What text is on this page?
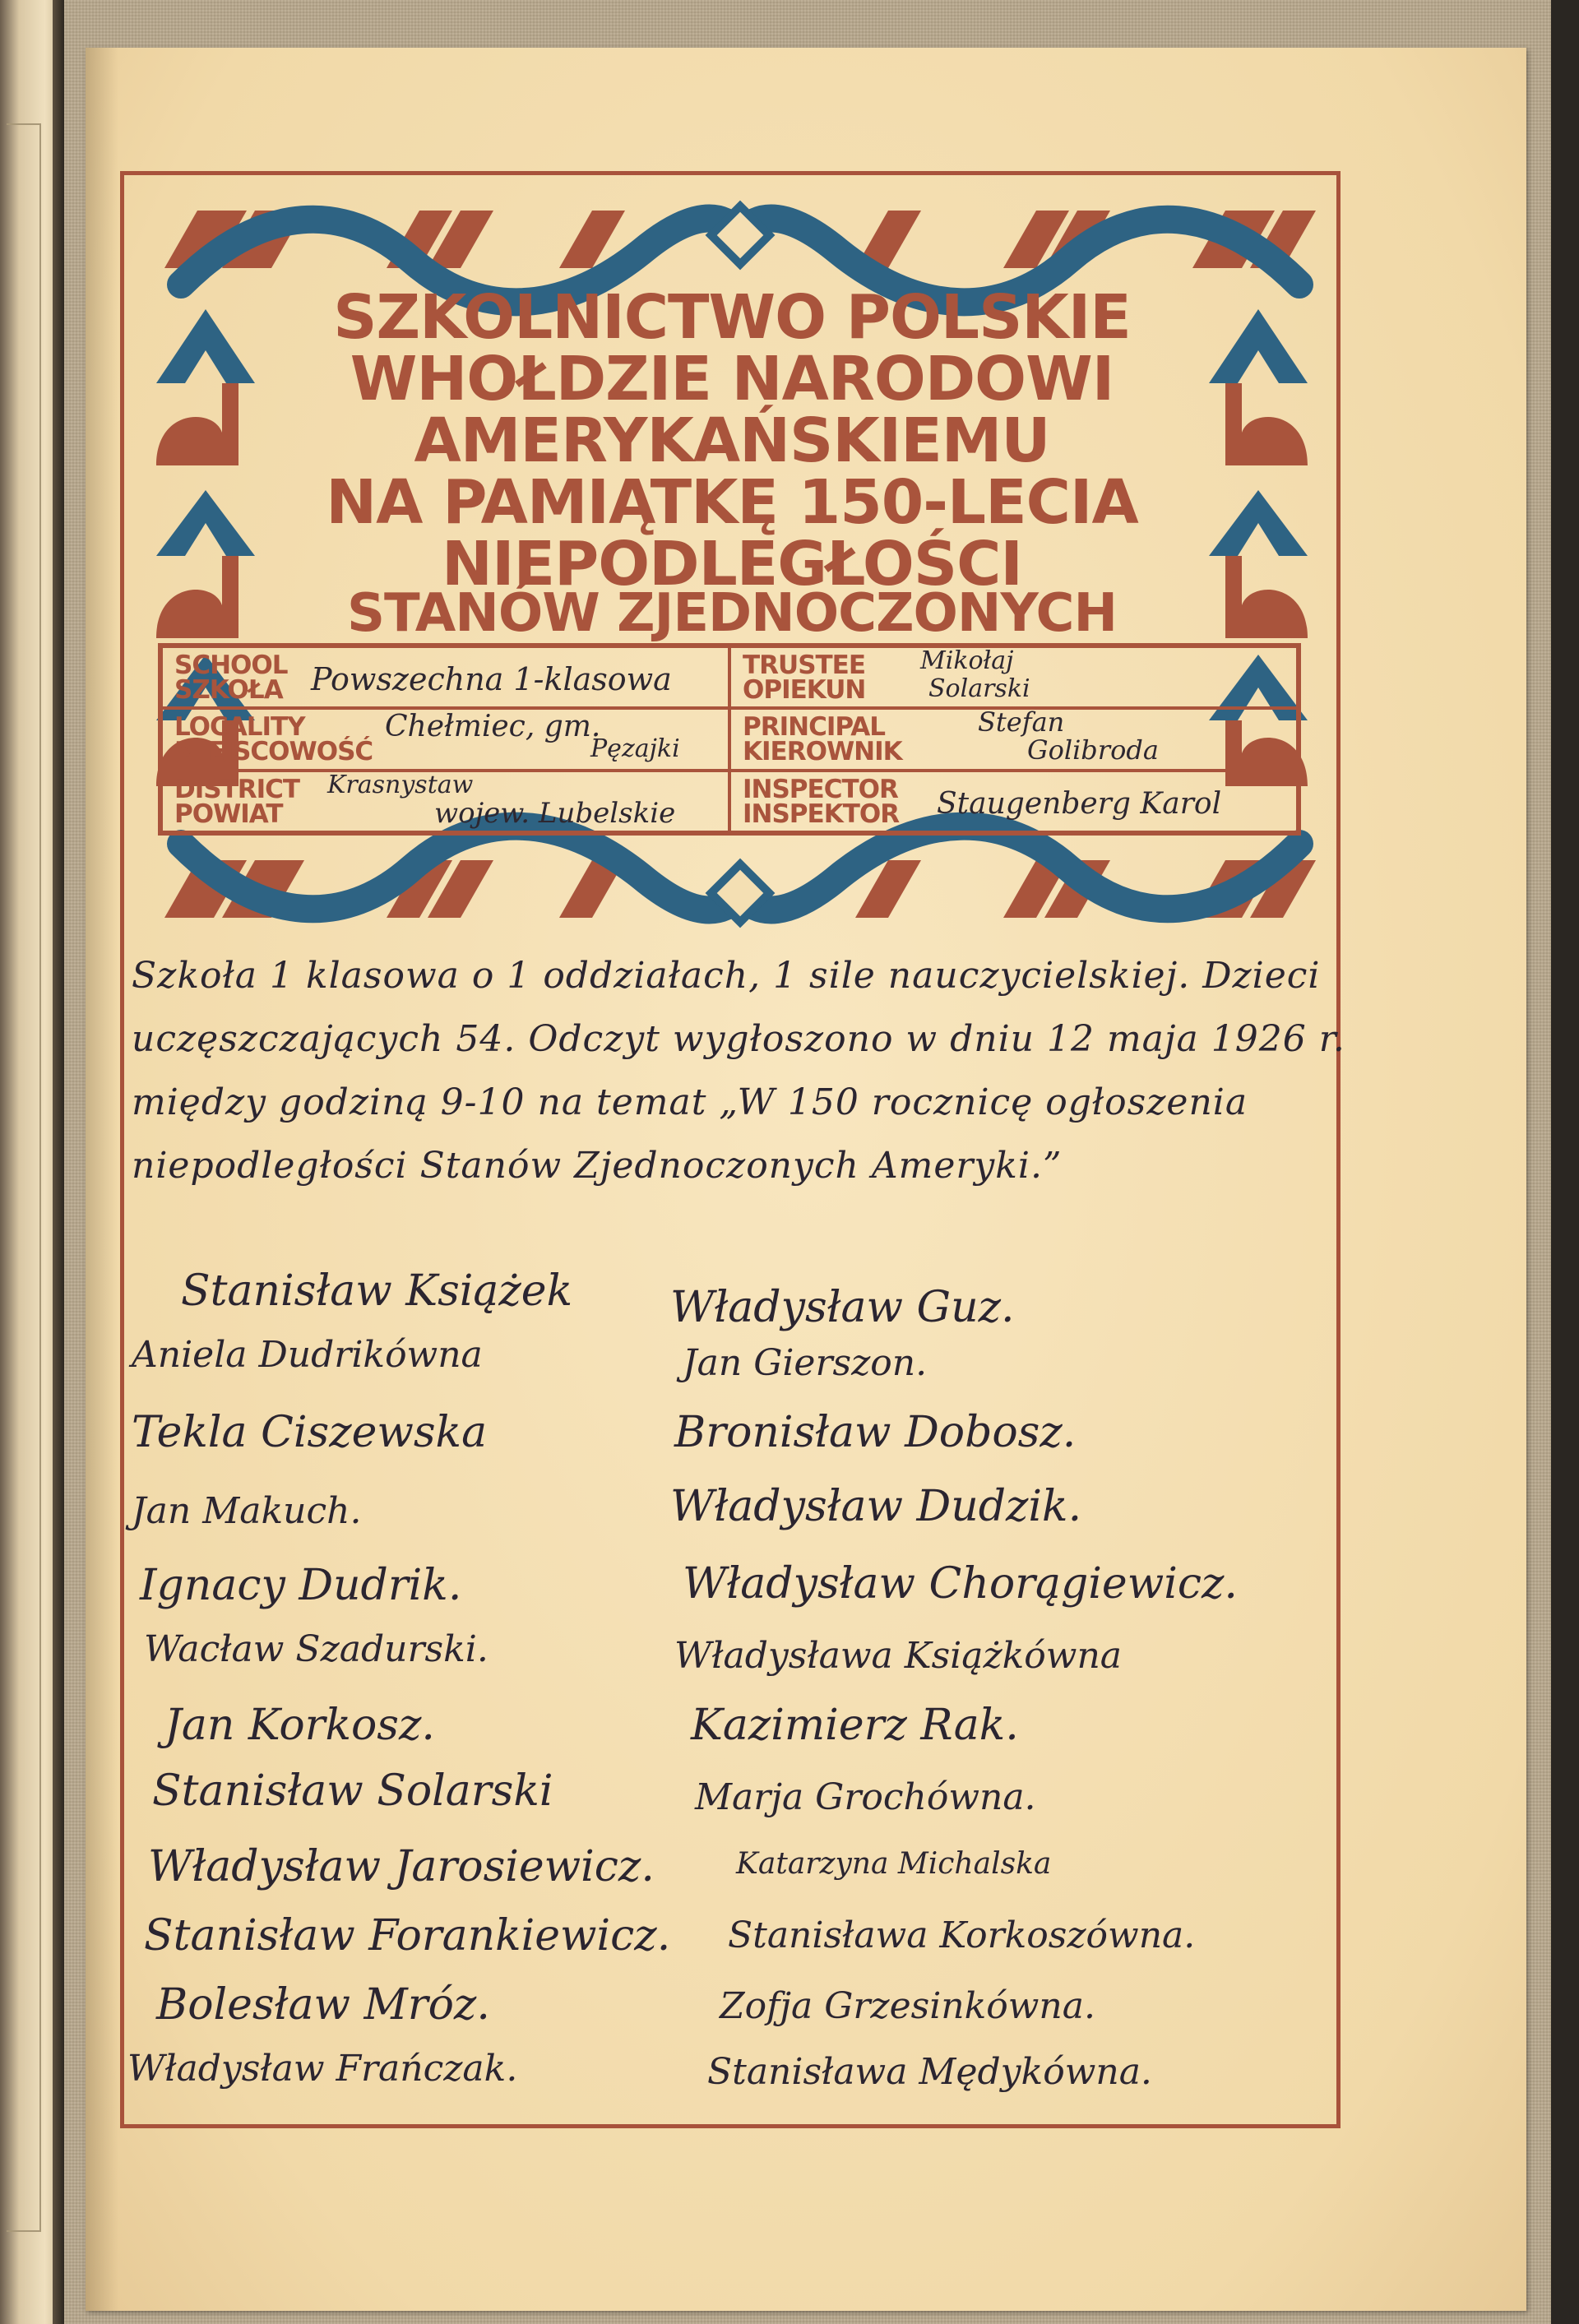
SZKOLNICTWO POLSKIE
WHOŁDZIE NARODOWI
AMERYKAŃSKIEMU
NA PAMIĄTKĘ 150-LECIA
NIEPODLEGŁOŚCI
STANÓW ZJEDNOCZONYCH
SCHOOL
SZKOŁA Powszechna 1-klasowa	TRUSTEE
OPIEKUN
Mikołaj
Solarski
LOCALITY
MIEJSCOWOŚĆ
Chełmiec, gm.
Pęzajki
PRINCIPAL
KIEROWNIK
Stefan
Golibroda
DISTRICT
POWIAT
Krasnystaw
wojew. Lubelskie
INSPECTOR
INSPEKTOR Staugenberg Karol
Szkoła 1 klasowa o 1 oddziałach, 1 sile nauczycielskiej. Dzieci
uczęszczających 54. Odczyt wygłoszono w dniu 12 maja 1926 r.
między godziną 9-10 na temat „W 150 rocznicę ogłoszenia
niepodległości Stanów Zjednoczonych Ameryki.”
Stanisław Książek
Aniela Dudrikówna
Tekla Ciszewska
Jan Makuch.
Ignacy Dudrik.
Wacław Szadurski.
Jan Korkosz.
Stanisław Solarski
Władysław Jarosiewicz.
Stanisław Forankiewicz.
Bolesław Mróz.
Władysław Frańczak.
Władysław Guz.
Jan Gierszon.
Bronisław Dobosz.
Władysław Dudzik.
Władysław Chorągiewicz.
Władysława Książkówna
Kazimierz Rak.
Marja Grochówna.
Katarzyna Michalska
Stanisława Korkoszówna.
Zofja Grzesinkówna.
Stanisława Mędykówna.
